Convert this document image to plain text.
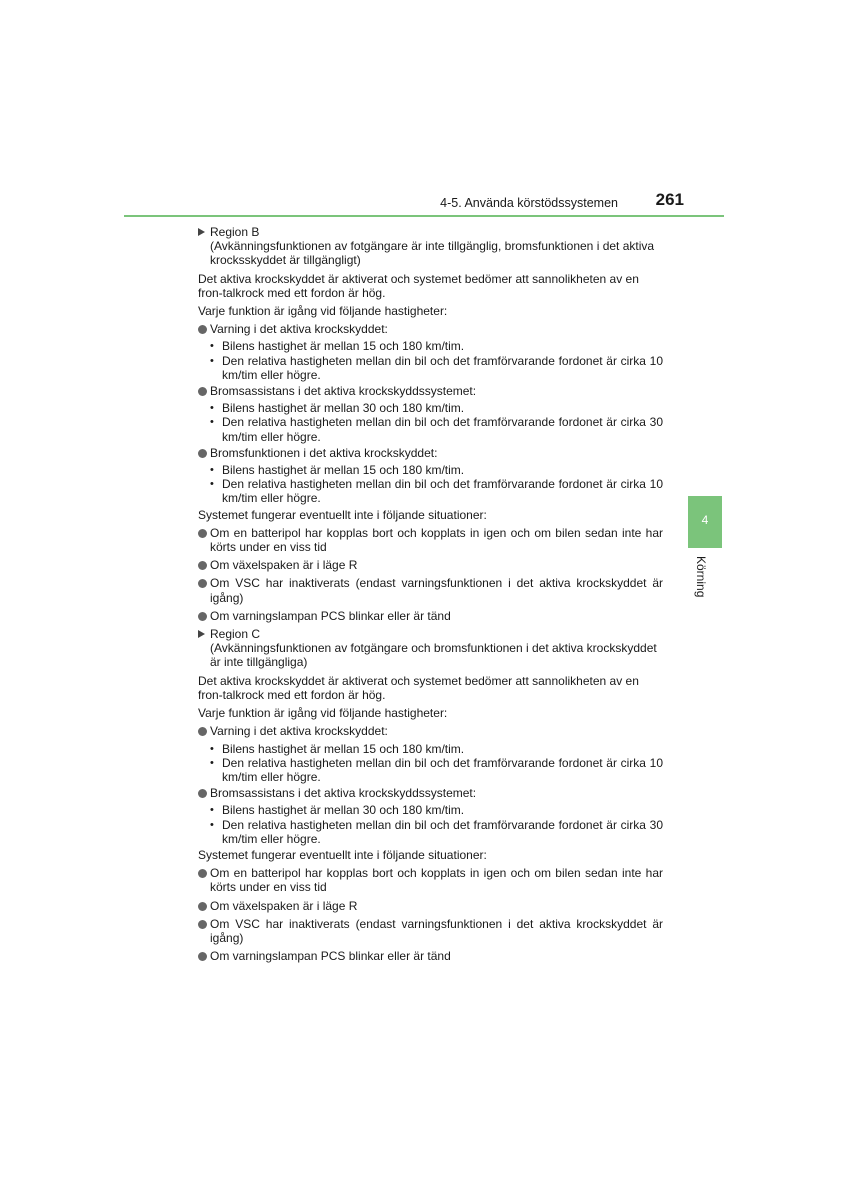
4-5. Använda körstödssystemen 261
4
Körning
Region B
(Avkänningsfunktionen av fotgängare är inte tillgänglig, bromsfunktionen i det aktiva krocksskyddet är tillgängligt)

Det aktiva krockskyddet är aktiverat och systemet bedömer att sannolikheten av en fron-talkrock med ett fordon är hög.

Varje funktion är igång vid följande hastigheter:

Varning i det aktiva krockskyddet:
• Bilens hastighet är mellan 15 och 180 km/tim.
• Den relativa hastigheten mellan din bil och det framförvarande fordonet är cirka 10 km/tim eller högre.
Bromsassistans i det aktiva krockskyddssystemet:
• Bilens hastighet är mellan 30 och 180 km/tim.
• Den relativa hastigheten mellan din bil och det framförvarande fordonet är cirka 30 km/tim eller högre.
Bromsfunktionen i det aktiva krockskyddet:
• Bilens hastighet är mellan 15 och 180 km/tim.
• Den relativa hastigheten mellan din bil och det framförvarande fordonet är cirka 10 km/tim eller högre.

Systemet fungerar eventuellt inte i följande situationer:

Om en batteripol har kopplas bort och kopplats in igen och om bilen sedan inte har körts under en viss tid
Om växelspaken är i läge R
Om VSC har inaktiverats (endast varningsfunktionen i det aktiva krockskyddet är igång)
Om varningslampan PCS blinkar eller är tänd
Region C
(Avkänningsfunktionen av fotgängare och bromsfunktionen i det aktiva krockskyddet är inte tillgängliga)

Det aktiva krockskyddet är aktiverat och systemet bedömer att sannolikheten av en fron-talkrock med ett fordon är hög.

Varje funktion är igång vid följande hastigheter:

Varning i det aktiva krockskyddet:
• Bilens hastighet är mellan 15 och 180 km/tim.
• Den relativa hastigheten mellan din bil och det framförvarande fordonet är cirka 10 km/tim eller högre.
Bromsassistans i det aktiva krockskyddssystemet:
• Bilens hastighet är mellan 30 och 180 km/tim.
• Den relativa hastigheten mellan din bil och det framförvarande fordonet är cirka 30 km/tim eller högre.

Systemet fungerar eventuellt inte i följande situationer:

Om en batteripol har kopplas bort och kopplats in igen och om bilen sedan inte har körts under en viss tid
Om växelspaken är i läge R
Om VSC har inaktiverats (endast varningsfunktionen i det aktiva krockskyddet är igång)
Om varningslampan PCS blinkar eller är tänd
